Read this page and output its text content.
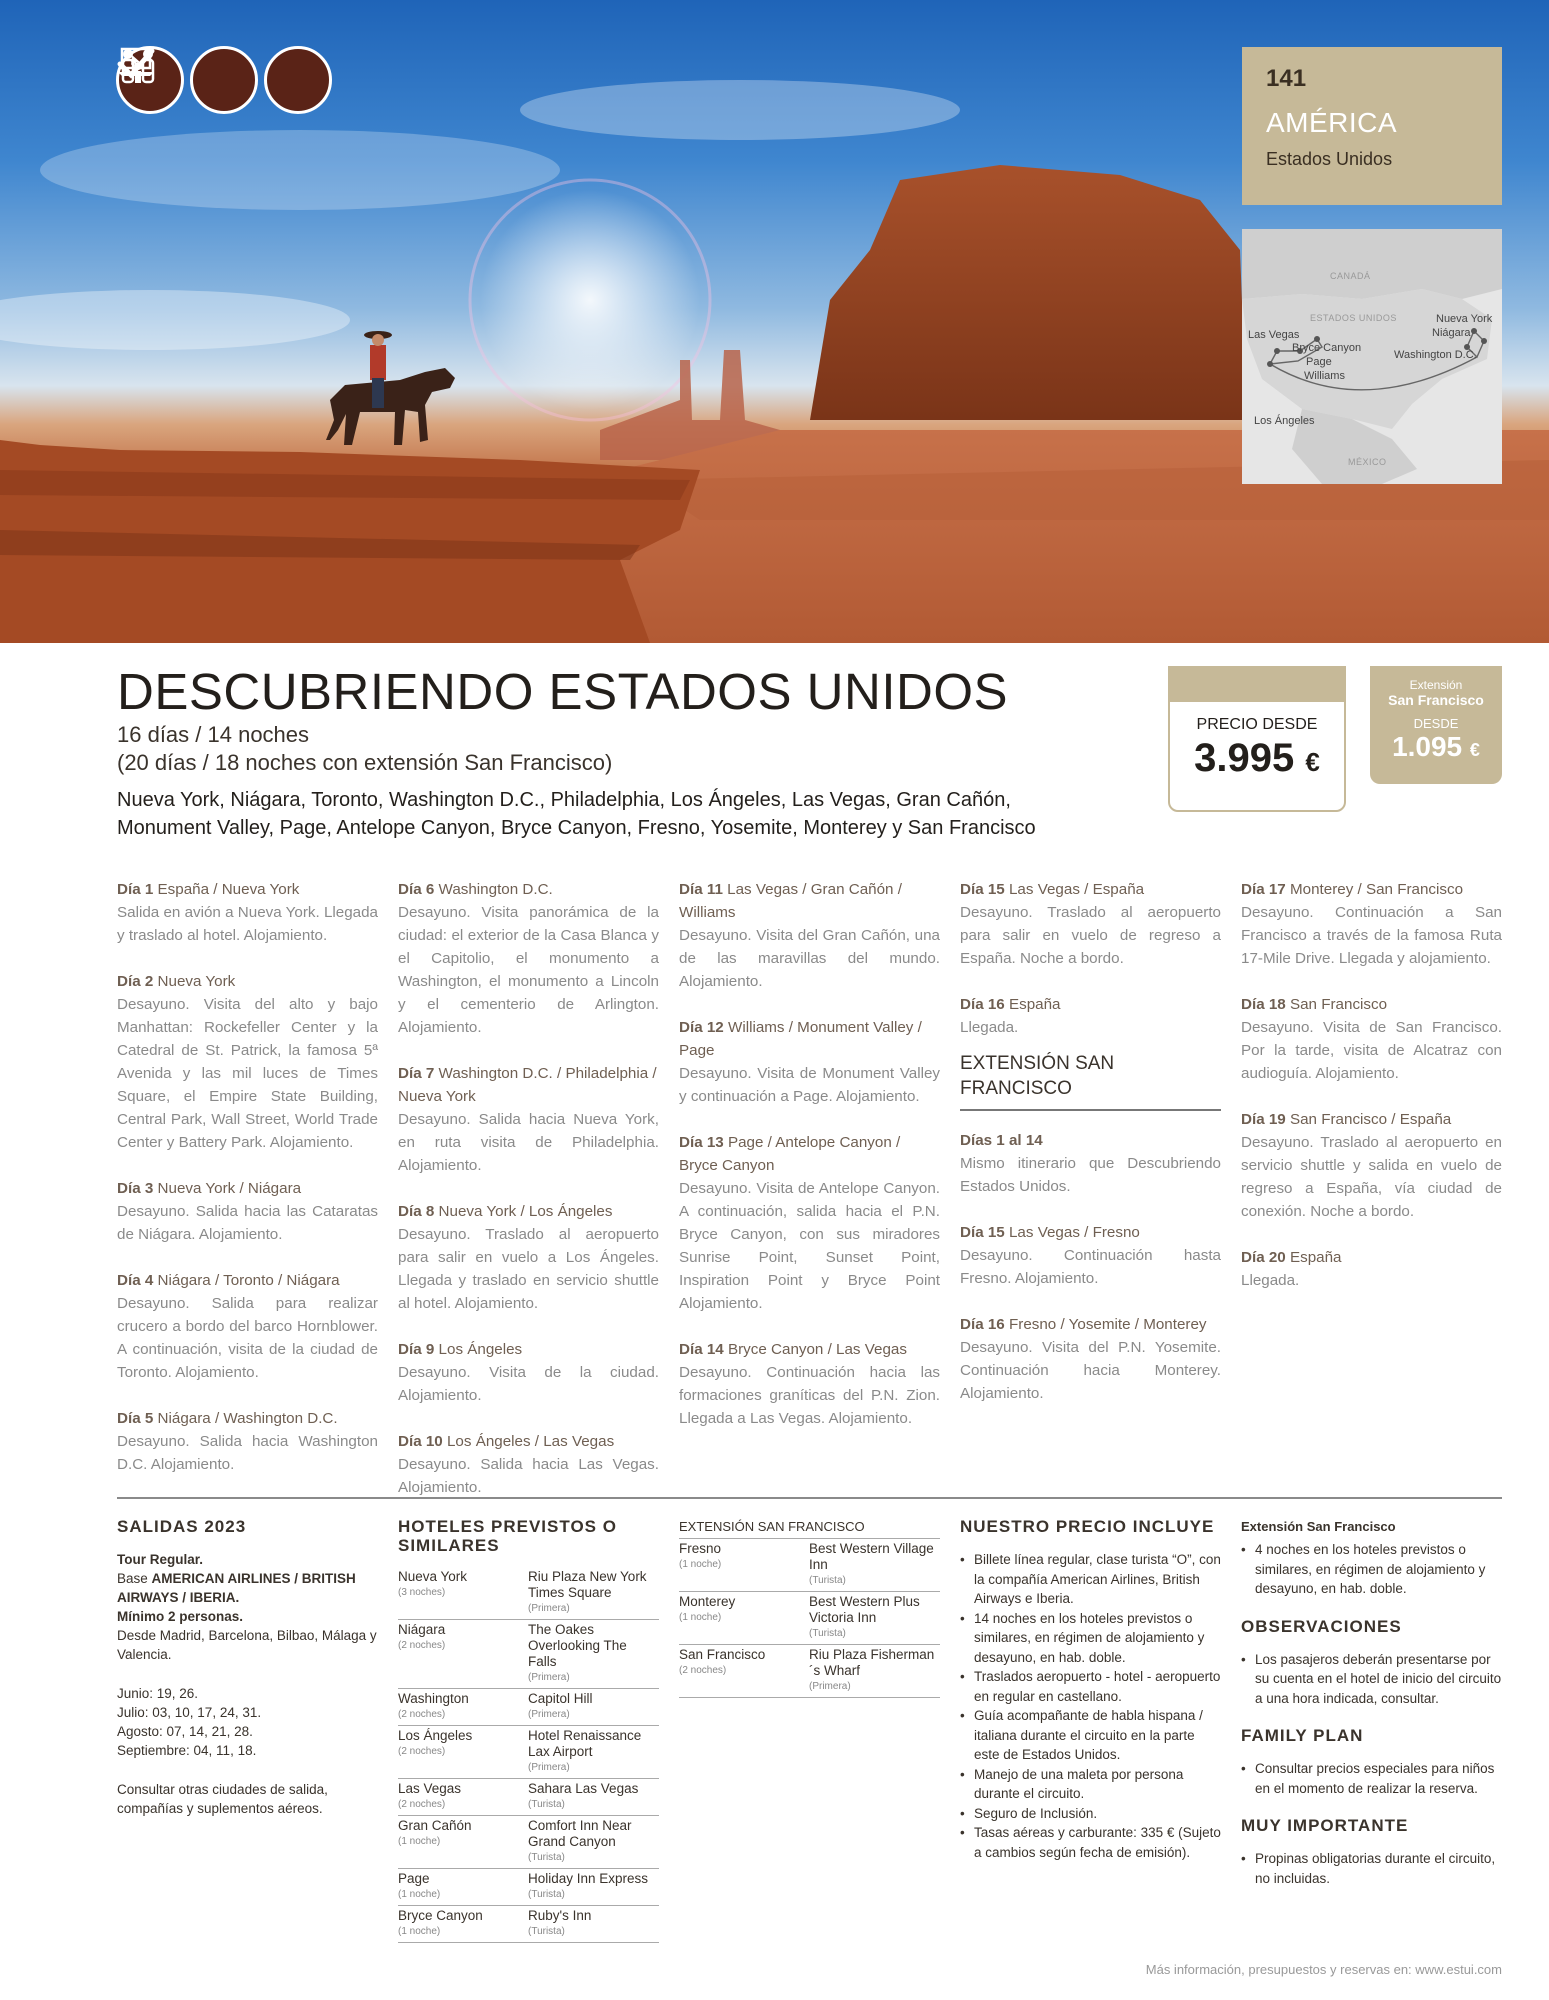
141
AMÉRICA
Estados Unidos
CANADÁ
ESTADOS UNIDOS
Las Vegas
Bryce Canyon
Page
Williams
Los Ángeles
Nueva York
Niágara
Washington D.C.
MÉXICO
DESCUBRIENDO ESTADOS UNIDOS
16 días / 14 noches
(20 días / 18 noches con extensión San Francisco)
Nueva York, Niágara, Toronto, Washington D.C., Philadelphia, Los Ángeles, Las Vegas, Gran Cañón,
Monument Valley, Page, Antelope Canyon, Bryce Canyon, Fresno, Yosemite, Monterey y San Francisco
PRECIO DESDE
3.995 €
Extensión
San Francisco
DESDE
1.095 €
Día 1 España / Nueva York

Salida en avión a Nueva York. Llegada y traslado al hotel. Alojamiento.

Día 2 Nueva York

Desayuno. Visita del alto y bajo Manhattan: Rockefeller Center y la Catedral de St. Patrick, la famosa 5ª Avenida y las mil luces de Times Square, el Empire State Building, Central Park, Wall Street, World Trade Center y Battery Park. Alojamiento.

Día 3 Nueva York / Niágara

Desayuno. Salida hacia las Cataratas de Niágara. Alojamiento.

Día 4 Niágara / Toronto / Niágara

Desayuno. Salida para realizar crucero a bordo del barco Hornblower. A continuación, visita de la ciudad de Toronto. Alojamiento.

Día 5 Niágara / Washington D.C.

Desayuno. Salida hacia Washington D.C. Alojamiento.

Día 6 Washington D.C.

Desayuno. Visita panorámica de la ciudad: el exterior de la Casa Blanca y el Capitolio, el monumento a Washington, el monumento a Lincoln y el cementerio de Arlington. Alojamiento.

Día 7 Washington D.C. / Philadelphia / Nueva York

Desayuno. Salida hacia Nueva York, en ruta visita de Philadelphia. Alojamiento.

Día 8 Nueva York / Los Ángeles

Desayuno. Traslado al aeropuerto para salir en vuelo a Los Ángeles. Llegada y traslado en servicio shuttle al hotel. Alojamiento.

Día 9 Los Ángeles

Desayuno. Visita de la ciudad. Alojamiento.

Día 10 Los Ángeles / Las Vegas

Desayuno. Salida hacia Las Vegas. Alojamiento.

Día 11 Las Vegas / Gran Cañón / Williams

Desayuno. Visita del Gran Cañón, una de las maravillas del mundo. Alojamiento.

Día 12 Williams / Monument Valley / Page

Desayuno. Visita de Monument Valley y continuación a Page. Alojamiento.

Día 13 Page / Antelope Canyon / Bryce Canyon

Desayuno. Visita de Antelope Canyon. A continuación, salida hacia el P.N. Bryce Canyon, con sus miradores Sunrise Point, Sunset Point, Inspiration Point y Bryce Point Alojamiento.

Día 14 Bryce Canyon / Las Vegas

Desayuno. Continuación hacia las formaciones graníticas del P.N. Zion. Llegada a Las Vegas. Alojamiento.

Día 15 Las Vegas / España

Desayuno. Traslado al aeropuerto para salir en vuelo de regreso a España. Noche a bordo.

Día 16 España

Llegada.

EXTENSIÓN SAN FRANCISCO
Días 1 al 14

Mismo itinerario que Descubriendo Estados Unidos.

Día 15 Las Vegas / Fresno

Desayuno. Continuación hasta Fresno. Alojamiento.

Día 16 Fresno / Yosemite / Monterey

Desayuno. Visita del P.N. Yosemite. Continuación hacia Monterey. Alojamiento.

Día 17 Monterey / San Francisco

Desayuno. Continuación a San Francisco a través de la famosa Ruta 17-Mile Drive. Llegada y alojamiento.

Día 18 San Francisco

Desayuno. Visita de San Francisco. Por la tarde, visita de Alcatraz con audioguía. Alojamiento.

Día 19 San Francisco / España

Desayuno. Traslado al aeropuerto en servicio shuttle y salida en vuelo de regreso a España, vía ciudad de conexión. Noche a bordo.

Día 20 España

Llegada.

SALIDAS 2023
Tour Regular.
Base AMERICAN AIRLINES / BRITISH AIRWAYS / IBERIA.
Mínimo 2 personas.
Desde Madrid, Barcelona, Bilbao, Málaga y Valencia.
Junio: 19, 26.
Julio: 03, 10, 17, 24, 31.
Agosto: 07, 14, 21, 28.
Septiembre: 04, 11, 18.
Consultar otras ciudades de salida, compañías y suplementos aéreos.
HOTELES PREVISTOS O SIMILARES
Nueva York
(3 noches)	Riu Plaza New York Times Square
(Primera)

Niágara
(2 noches)	The Oakes Overlooking The Falls
(Primera)

Washington
(2 noches)	Capitol Hill
(Primera)

Los Ángeles
(2 noches)	Hotel Renaissance Lax Airport
(Primera)

Las Vegas
(2 noches)	Sahara Las Vegas
(Turista)

Gran Cañón
(1 noche)	Comfort Inn Near Grand Canyon
(Turista)

Page
(1 noche)	Holiday Inn Express
(Turista)

Bryce Canyon
(1 noche)	Ruby's Inn
(Turista)
EXTENSIÓN SAN FRANCISCO
Fresno
(1 noche)	Best Western Village Inn
(Turista)

Monterey
(1 noche)	Best Western Plus Victoria Inn
(Turista)

San Francisco
(2 noches)	Riu Plaza Fisherman´s Wharf
(Primera)
NUESTRO PRECIO INCLUYE
• Billete línea regular, clase turista “O”, con la compañía American Airlines, British Airways e Iberia.
• 14 noches en los hoteles previstos o similares, en régimen de alojamiento y desayuno, en hab. doble.
• Traslados aeropuerto - hotel - aeropuerto en regular en castellano.
• Guía acompañante de habla hispana / italiana durante el circuito en la parte este de Estados Unidos.
• Manejo de una maleta por persona durante el circuito.
• Seguro de Inclusión.
• Tasas aéreas y carburante: 335 € (Sujeto a cambios según fecha de emisión).
Extensión San Francisco
• 4 noches en los hoteles previstos o similares, en régimen de alojamiento y desayuno, en hab. doble.
OBSERVACIONES
• Los pasajeros deberán presentarse por su cuenta en el hotel de inicio del circuito a una hora indicada, consultar.
FAMILY PLAN
• Consultar precios especiales para niños en el momento de realizar la reserva.
MUY IMPORTANTE
• Propinas obligatorias durante el circuito, no incluidas.
Más información, presupuestos y reservas en: www.estui.com
